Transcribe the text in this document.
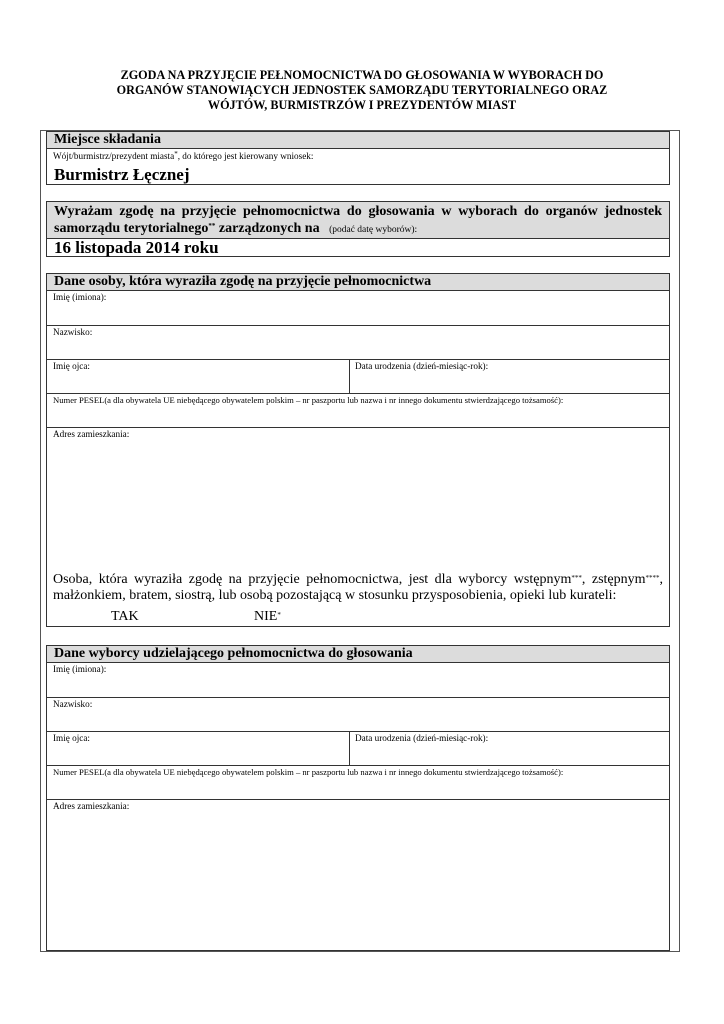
ZGODA NA PRZYJĘCIE PEŁNOMOCNICTWA DO GŁOSOWANIA W WYBORACH DO
ORGANÓW STANOWIĄCYCH JEDNOSTEK SAMORZĄDU TERYTORIALNEGO ORAZ
WÓJTÓW, BURMISTRZÓW I PREZYDENTÓW MIAST
Miejsce składania
Wójt/burmistrz/prezydent miasta*, do którego jest kierowany wniosek:
Burmistrz Łęcznej
Wyrażam zgodę na przyjęcie pełnomocnictwa do głosowania w wyborach do organów jednostek
samorządu terytorialnego** zarządzonych na (podać datę wyborów):
16 listopada 2014 roku
Dane osoby, która wyraziła zgodę na przyjęcie pełnomocnictwa
Imię (imiona):
Nazwisko:
Imię ojca:	Data urodzenia (dzień-miesiąc-rok):
Numer PESEL(a dla obywatela UE niebędącego obywatelem polskim – nr paszportu lub nazwa i nr innego dokumentu stwierdzającego tożsamość):
Adres zamieszkania:
Osoba, która wyraziła zgodę na przyjęcie pełnomocnictwa, jest dla wyborcy wstępnym***, zstępnym****,
małżonkiem, bratem, siostrą, lub osobą pozostającą w stosunku przysposobienia, opieki lub kurateli:
TAK	NIE*
Dane wyborcy udzielającego pełnomocnictwa do głosowania
Imię (imiona):
Nazwisko:
Imię ojca:	Data urodzenia (dzień-miesiąc-rok):
Numer PESEL(a dla obywatela UE niebędącego obywatelem polskim – nr paszportu lub nazwa i nr innego dokumentu stwierdzającego tożsamość):
Adres zamieszkania:
